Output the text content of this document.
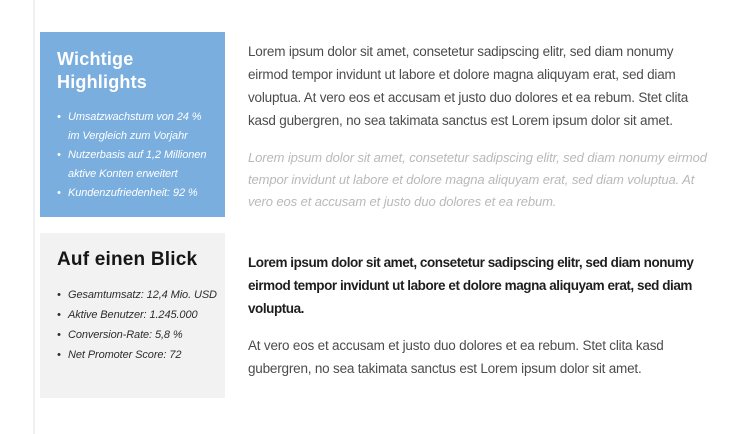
Wichtige Highlights
• Umsatzwachstum von 24 % im Vergleich zum Vorjahr
• Nutzerbasis auf 1,2 Millionen aktive Konten erweitert
• Kundenzufriedenheit: 92 %
Auf einen Blick
• Gesamtumsatz: 12,4 Mio. USD
• Aktive Benutzer: 1.245.000
• Conversion-Rate: 5,8 %
• Net Promoter Score: 72

Lorem ipsum dolor sit amet, consetetur sadipscing elitr, sed diam nonumy eirmod tempor invidunt ut labore et dolore magna aliquyam erat, sed diam voluptua. At vero eos et accusam et justo duo dolores et ea rebum. Stet clita kasd gubergren, no sea takimata sanctus est Lorem ipsum dolor sit amet.

Lorem ipsum dolor sit amet, consetetur sadipscing elitr, sed diam nonumy eirmod tempor invidunt ut labore et dolore magna aliquyam erat, sed diam voluptua. At vero eos et accusam et justo duo dolores et ea rebum.

Lorem ipsum dolor sit amet, consetetur sadipscing elitr, sed diam nonumy eirmod tempor invidunt ut labore et dolore magna aliquyam erat, sed diam voluptua.

At vero eos et accusam et justo duo dolores et ea rebum. Stet clita kasd gubergren, no sea takimata sanctus est Lorem ipsum dolor sit amet.
